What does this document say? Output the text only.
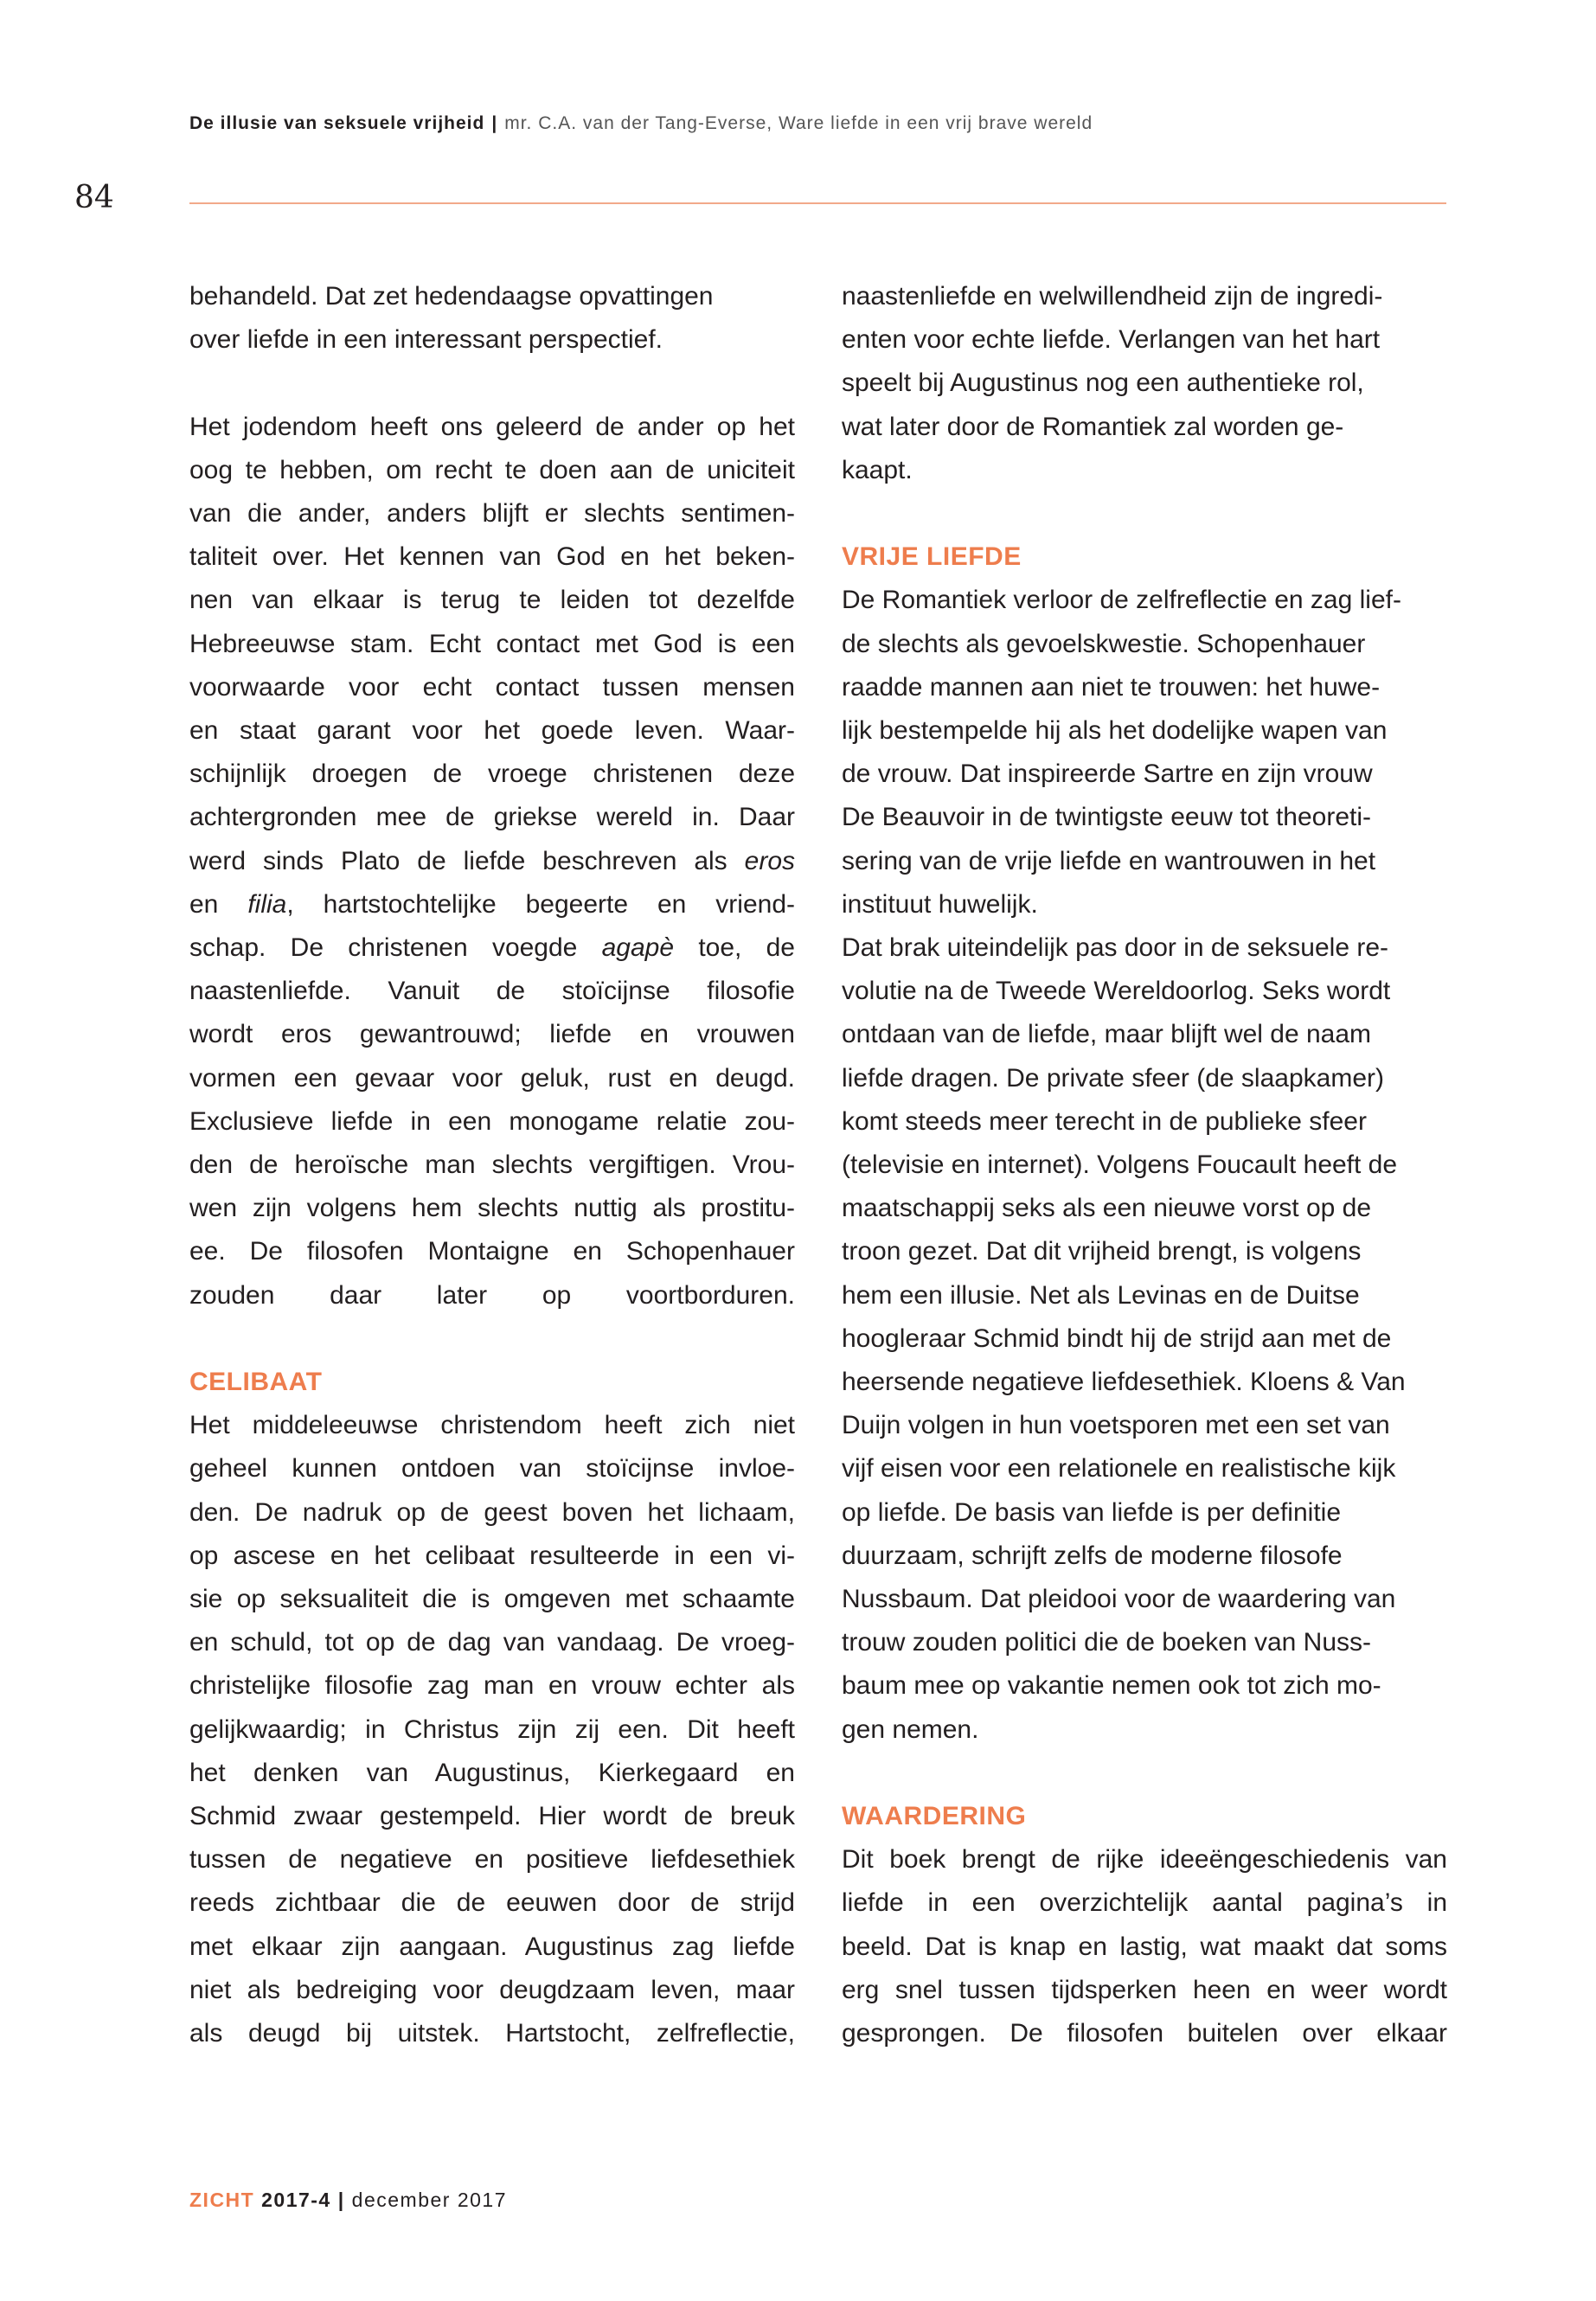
De illusie van seksuele vrijheid | mr. C.A. van der Tang-Everse, Ware liefde in een vrij brave wereld
84

behandeld. Dat zet hedendaagse opvattingen
over liefde in een interessant perspectief.

Het jodendom heeft ons geleerd de ander op het
oog te hebben, om recht te doen aan de uniciteit
van die ander, anders blijft er slechts sentimen-
taliteit over. Het kennen van God en het beken-
nen van elkaar is terug te leiden tot dezelfde
Hebreeuwse stam. Echt contact met God is een
voorwaarde voor echt contact tussen mensen
en staat garant voor het goede leven. Waar-
schijnlijk droegen de vroege christenen deze
achtergronden mee de griekse wereld in. Daar
werd sinds Plato de liefde beschreven als eros
en filia, hartstochtelijke begeerte en vriend-
schap. De christenen voegde agapè toe, de
naastenliefde. Vanuit de stoïcijnse filosofie
wordt eros gewantrouwd; liefde en vrouwen
vormen een gevaar voor geluk, rust en deugd.
Exclusieve liefde in een monogame relatie zou-
den de heroïsche man slechts vergiftigen. Vrou-
wen zijn volgens hem slechts nuttig als prostitu-
ee. De filosofen Montaigne en Schopenhauer
zouden daar later op voortborduren.

CELIBAAT

Het middeleeuwse christendom heeft zich niet
geheel kunnen ontdoen van stoïcijnse invloe-
den. De nadruk op de geest boven het lichaam,
op ascese en het celibaat resulteerde in een vi-
sie op seksualiteit die is omgeven met schaamte
en schuld, tot op de dag van vandaag. De vroeg-
christelijke filosofie zag man en vrouw echter als
gelijkwaardig; in Christus zijn zij een. Dit heeft
het denken van Augustinus, Kierkegaard en
Schmid zwaar gestempeld. Hier wordt de breuk
tussen de negatieve en positieve liefdesethiek
reeds zichtbaar die de eeuwen door de strijd
met elkaar zijn aangaan. Augustinus zag liefde
niet als bedreiging voor deugdzaam leven, maar
als deugd bij uitstek. Hartstocht, zelfreflectie,

naastenliefde en welwillendheid zijn de ingredi-
enten voor echte liefde. Verlangen van het hart
speelt bij Augustinus nog een authentieke rol,
wat later door de Romantiek zal worden ge-
kaapt.

VRIJE LIEFDE

De Romantiek verloor de zelfreflectie en zag lief-
de slechts als gevoelskwestie. Schopenhauer
raadde mannen aan niet te trouwen: het huwe-
lijk bestempelde hij als het dodelijke wapen van
de vrouw. Dat inspireerde Sartre en zijn vrouw
De Beauvoir in de twintigste eeuw tot theoreti-
sering van de vrije liefde en wantrouwen in het
instituut huwelijk.

Dat brak uiteindelijk pas door in de seksuele re-
volutie na de Tweede Wereldoorlog. Seks wordt
ontdaan van de liefde, maar blijft wel de naam
liefde dragen. De private sfeer (de slaapkamer)
komt steeds meer terecht in de publieke sfeer
(televisie en internet). Volgens Foucault heeft de
maatschappij seks als een nieuwe vorst op de
troon gezet. Dat dit vrijheid brengt, is volgens
hem een illusie. Net als Levinas en de Duitse
hoogleraar Schmid bindt hij de strijd aan met de
heersende negatieve liefdesethiek. Kloens & Van
Duijn volgen in hun voetsporen met een set van
vijf eisen voor een relationele en realistische kijk
op liefde. De basis van liefde is per definitie
duurzaam, schrijft zelfs de moderne filosofe
Nussbaum. Dat pleidooi voor de waardering van
trouw zouden politici die de boeken van Nuss-
baum mee op vakantie nemen ook tot zich mo-
gen nemen.

WAARDERING

Dit boek brengt de rijke ideeëngeschiedenis van
liefde in een overzichtelijk aantal pagina’s in
beeld. Dat is knap en lastig, wat maakt dat soms
erg snel tussen tijdsperken heen en weer wordt
gesprongen. De filosofen buitelen over elkaar

ZICHT 2017-4 | december 2017
